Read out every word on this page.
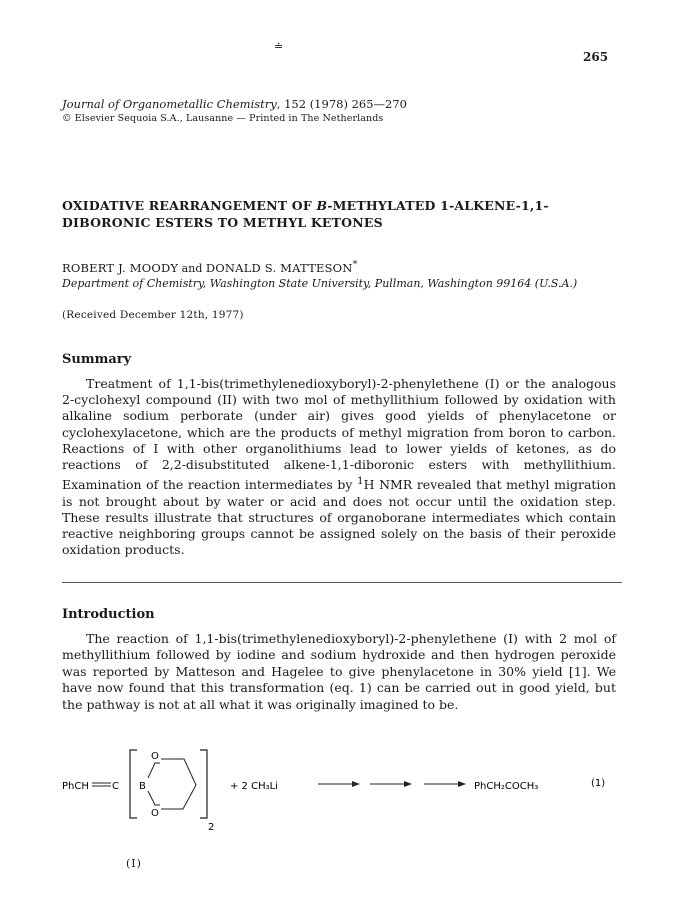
≐
265
Journal of Organometallic Chemistry, 152 (1978) 265—270
© Elsevier Sequoia S.A., Lausanne — Printed in The Netherlands
OXIDATIVE REARRANGEMENT OF B-METHYLATED 1-ALKENE-1,1-DIBORONIC ESTERS TO METHYL KETONES
ROBERT J. MOODY and DONALD S. MATTESON*
Department of Chemistry, Washington State University, Pullman, Washington 99164 (U.S.A.)
(Received December 12th, 1977)
Summary

Treatment of 1,1-bis(trimethylenedioxyboryl)-2-phenylethene (I) or the analogous 2-cyclohexyl compound (II) with two mol of methyllithium followed by oxidation with alkaline sodium perborate (under air) gives good yields of phenylacetone or cyclohexylacetone, which are the products of methyl migration from boron to carbon. Reactions of I with other organolithiums lead to lower yields of ketones, as do reactions of 2,2-disubstituted alkene-1,1-diboronic esters with methyllithium. Examination of the reaction intermediates by $^1$H NMR revealed that methyl migration is not brought about by water or acid and does not occur until the oxidation step. These results illustrate that structures of organoborane intermediates which contain reactive neighboring groups cannot be assigned solely on the basis of their peroxide oxidation products.

Introduction

The reaction of 1,1-bis(trimethylenedioxyboryl)-2-phenylethene (I) with 2 mol of methyllithium followed by iodine and sodium hydroxide and then hydrogen peroxide was reported by Matteson and Hagelee to give phenylacetone in 30% yield [1]. We have now found that this transformation (eq. 1) can be carried out in good yield, but the pathway is not at all what it was originally imagined to be.

PhCH C B
O
O
2
+ 2 CH₃Li	PhCH₂COCH₃	(1)
(I)
